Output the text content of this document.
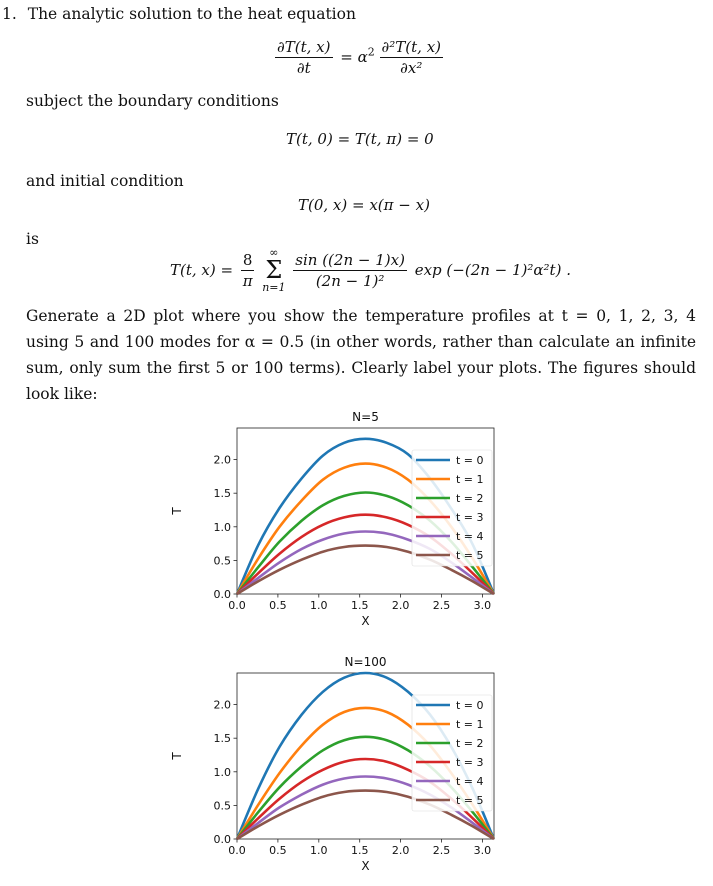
1. The analytic solution to the heat equation
$\frac{\partial T(t, x)}{\partial t} = \alpha^2 \frac{\text{∂²T(t, x)}}{\text{∂x²}}$
subject the boundary conditions
T(t, 0) = T(t, π) = 0
and initial condition
T(0, x) = x(π − x)
is
T(t, $x) = \frac{8}{\pi}$
	∞
Σ
n=1
$\frac{\sin ((2n - 1)x)}{\text{(2n − 1)²}}$ exp (−(2n − 1)²α²t) .
Generate a 2D plot where you show the temperature profiles at t = 0, 1, 2, 3, 4 using 5 and 100 modes for α = 0.5 (in other words, rather than calculate an infinite sum, only sum the first 5 or 100 terms). Clearly label your plots. The figures should look like:
N=5
0.0 0.5 1.0 1.5 2.0 2.5 3.0
0.0
0.5
1.0
1.5
2.0
X
T
t = 0
t = 1
t = 2
t = 3
t = 4
t = 5
N=100
0.0 0.5 1.0 1.5 2.0 2.5 3.0
0.0
0.5
1.0
1.5
2.0
X
T
t = 0
t = 1
t = 2
t = 3
t = 4
t = 5
